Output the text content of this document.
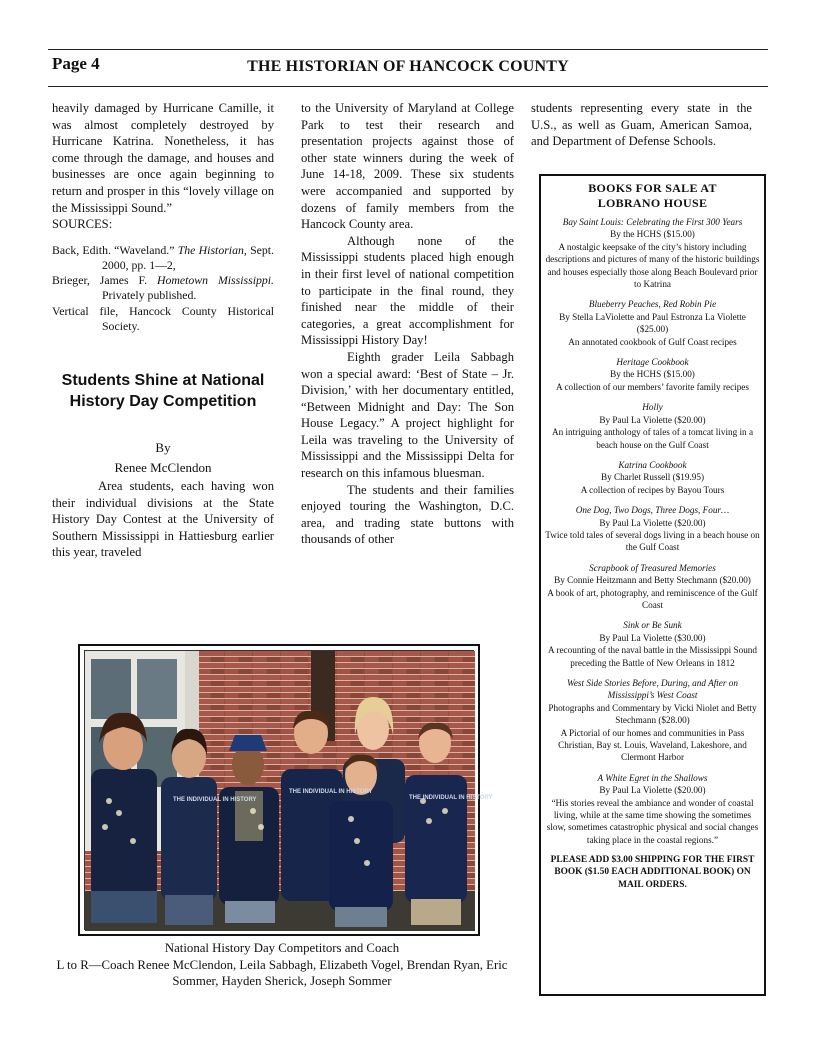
Page 4	THE HISTORIAN OF HANCOCK COUNTY

heavily damaged by Hurricane Camille, it was almost completely destroyed by Hurricane Katrina. Nonetheless, it has come through the damage, and houses and businesses are once again beginning to return and prosper in this “lovely village on the Mississippi Sound.”

SOURCES:

Back, Edith. “Waveland.” The Historian, Sept. 2000, pp. 1—2,

Brieger, James F. Hometown Mississippi. Privately published.

Vertical file, Hancock County Historical Society.

Students Shine at National History Day Competition
By
Renee McClendon

Area students, each having won their individual divisions at the State History Day Contest at the University of Southern Mississippi in Hattiesburg earlier this year, traveled

to the University of Maryland at College Park to test their research and presentation projects against those of other state winners during the week of June 14-18, 2009. These six students were accompanied and supported by dozens of family members from the Hancock County area.

Although none of the Mississippi students placed high enough in their first level of national competition to participate in the final round, they finished near the middle of their categories, a great accomplishment for Mississippi History Day!

Eighth grader Leila Sabbagh won a special award: ‘Best of State – Jr. Division,’ with her documentary entitled, “Between Midnight and Day: The Son House Legacy.” A project highlight for Leila was traveling to the University of Mississippi and the Mississippi Delta for research on this infamous bluesman.

The students and their families enjoyed touring the Washington, D.C. area, and trading state buttons with thousands of other

students representing every state in the U.S., as well as Guam, American Samoa, and Department of Defense Schools.

BOOKS FOR SALE AT
LOBRANO HOUSE
Bay Saint Louis: Celebrating the First 300 Years
By the HCHS ($15.00)
A nostalgic keepsake of the city’s history including descriptions and pictures of many of the historic buildings and houses especially those along Beach Boulevard prior to Katrina
Blueberry Peaches, Red Robin Pie
By Stella LaViolette and Paul Estronza La Violette ($25.00)
An annotated cookbook of Gulf Coast recipes
Heritage Cookbook
By the HCHS ($15.00)
A collection of our members’ favorite family recipes
Holly
By Paul La Violette ($20.00)
An intriguing anthology of tales of a tomcat living in a beach house on the Gulf Coast
Katrina Cookbook
By Charlet Russell ($19.95)
A collection of recipes by Bayou Tours
One Dog, Two Dogs, Three Dogs, Four…
By Paul La Violette ($20.00)
Twice told tales of several dogs living in a beach house on the Gulf Coast
Scrapbook of Treasured Memories
By Connie Heitzmann and Betty Stechmann ($20.00)
A book of art, photography, and reminiscence of the Gulf Coast
Sink or Be Sunk
By Paul La Violette ($30.00)
A recounting of the naval battle in the Mississippi Sound preceding the Battle of New Orleans in 1812
West Side Stories Before, During, and After on Mississippi’s West Coast
Photographs and Commentary by Vicki Niolet and Betty Stechmann ($28.00)
A Pictorial of our homes and communities in Pass Christian, Bay st. Louis, Waveland, Lakeshore, and Clermont Harbor
A White Egret in the Shallows
By Paul La Violette ($20.00)
“His stories reveal the ambiance and wonder of coastal living, while at the same time showing the sometimes slow, sometimes catastrophic physical and social changes taking place in the coastal regions.”
PLEASE ADD $3.00 SHIPPING FOR THE FIRST BOOK ($1.50 EACH ADDITIONAL BOOK) ON MAIL ORDERS.
THE INDIVIDUAL IN HISTORY
THE INDIVIDUAL IN HISTORY	THE INDIVIDUAL IN HISTORY
National History Day Competitors and Coach
L to R—Coach Renee McClendon, Leila Sabbagh, Elizabeth Vogel, Brendan Ryan, Eric Sommer, Hayden Sherick, Joseph Sommer
